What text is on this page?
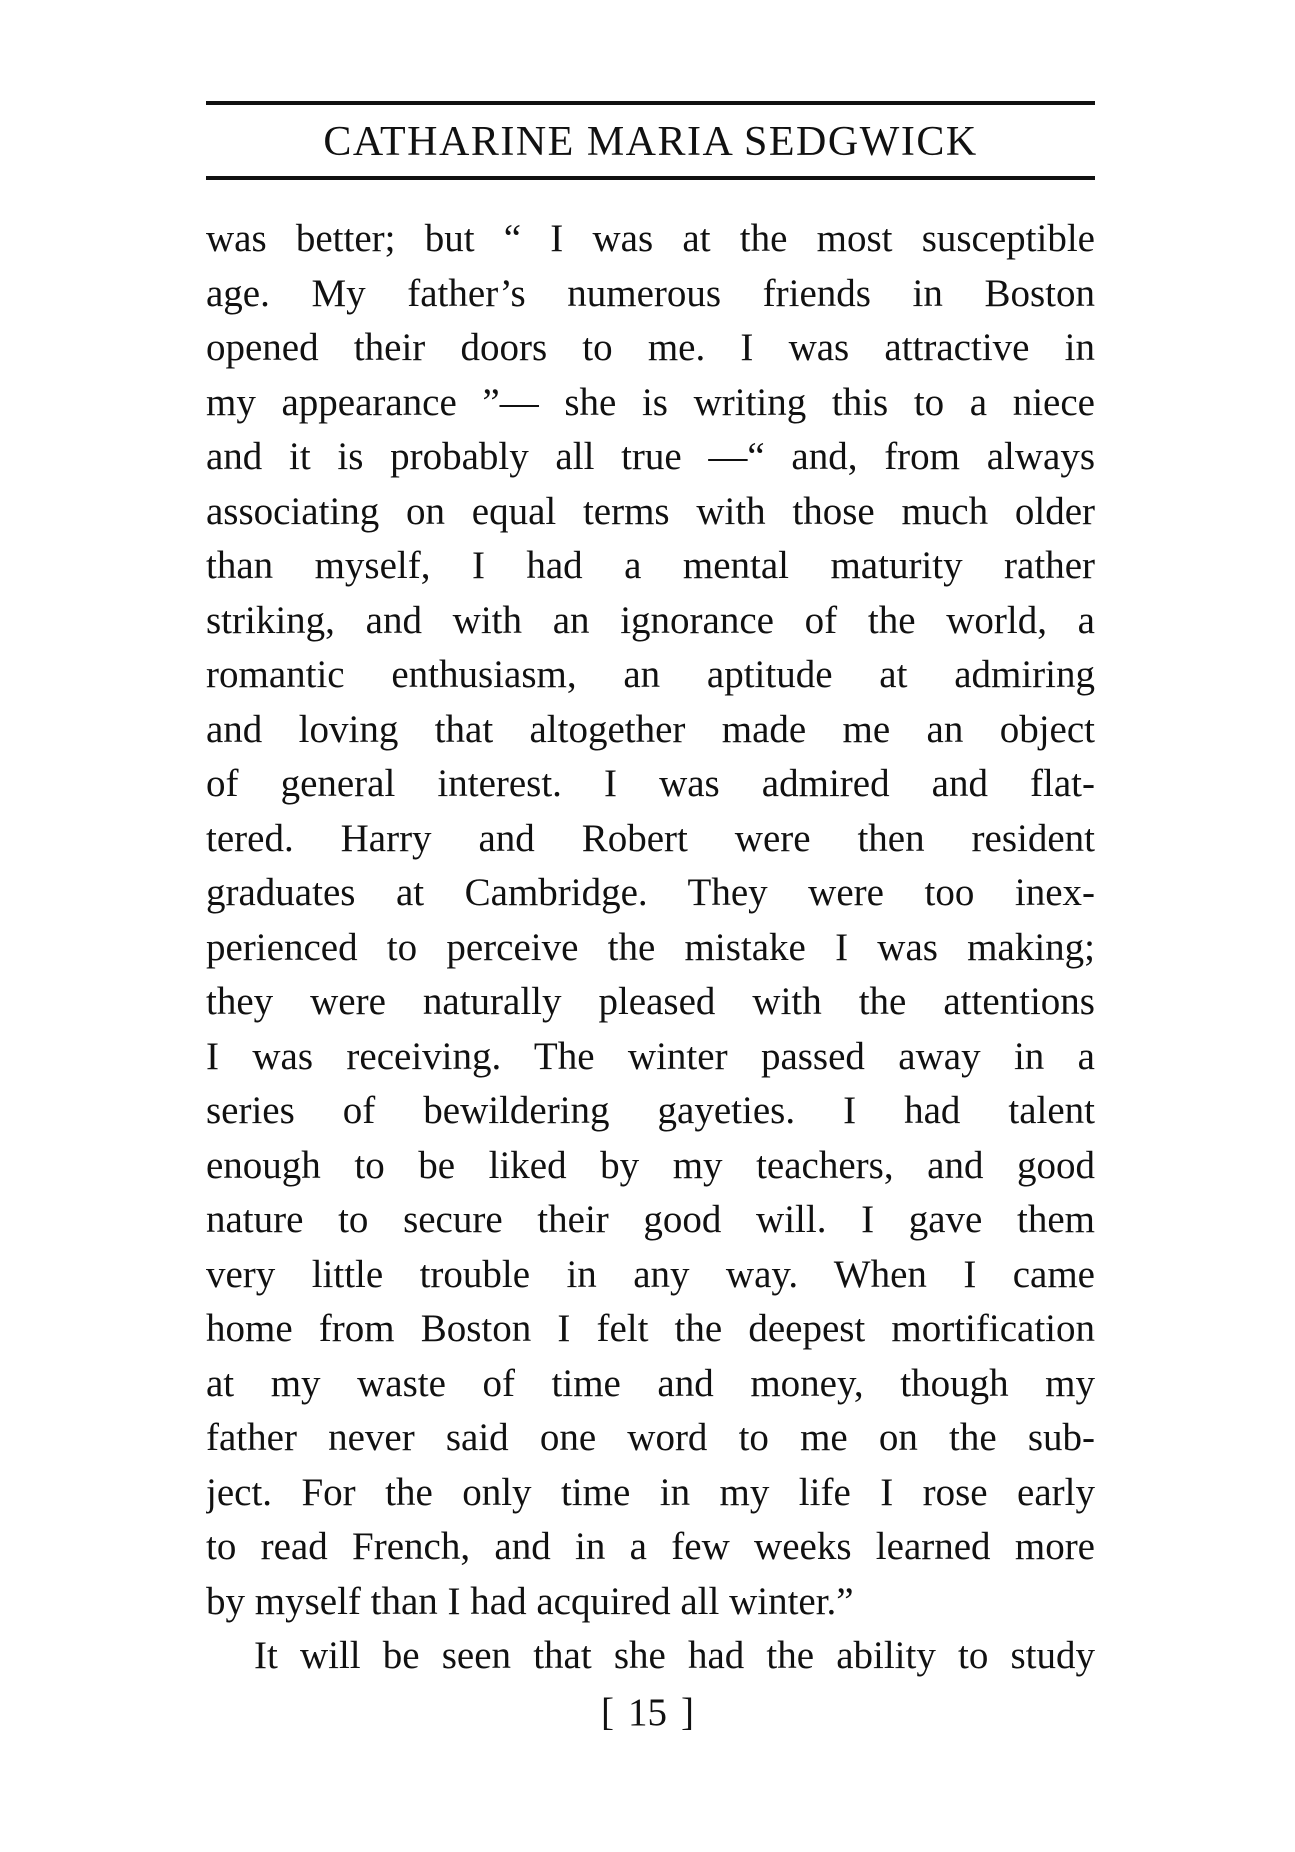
CATHARINE MARIA SEDGWICK
was better; but “ I was at the most susceptible
age. My father’s numerous friends in Boston
opened their doors to me. I was attractive in
my appearance ”— she is writing this to a niece
and it is probably all true —“ and, from always
associating on equal terms with those much older
than myself, I had a mental maturity rather
striking, and with an ignorance of the world, a
romantic enthusiasm, an aptitude at admiring
and loving that altogether made me an object
of general interest. I was admired and flat-
tered. Harry and Robert were then resident
graduates at Cambridge. They were too inex-
perienced to perceive the mistake I was making;
they were naturally pleased with the attentions
I was receiving. The winter passed away in a
series of bewildering gayeties. I had talent
enough to be liked by my teachers, and good
nature to secure their good will. I gave them
very little trouble in any way. When I came
home from Boston I felt the deepest mortification
at my waste of time and money, though my
father never said one word to me on the sub-
ject. For the only time in my life I rose early
to read French, and in a few weeks learned more
by myself than I had acquired all winter.”
It will be seen that she had the ability to study
[ 15 ]
